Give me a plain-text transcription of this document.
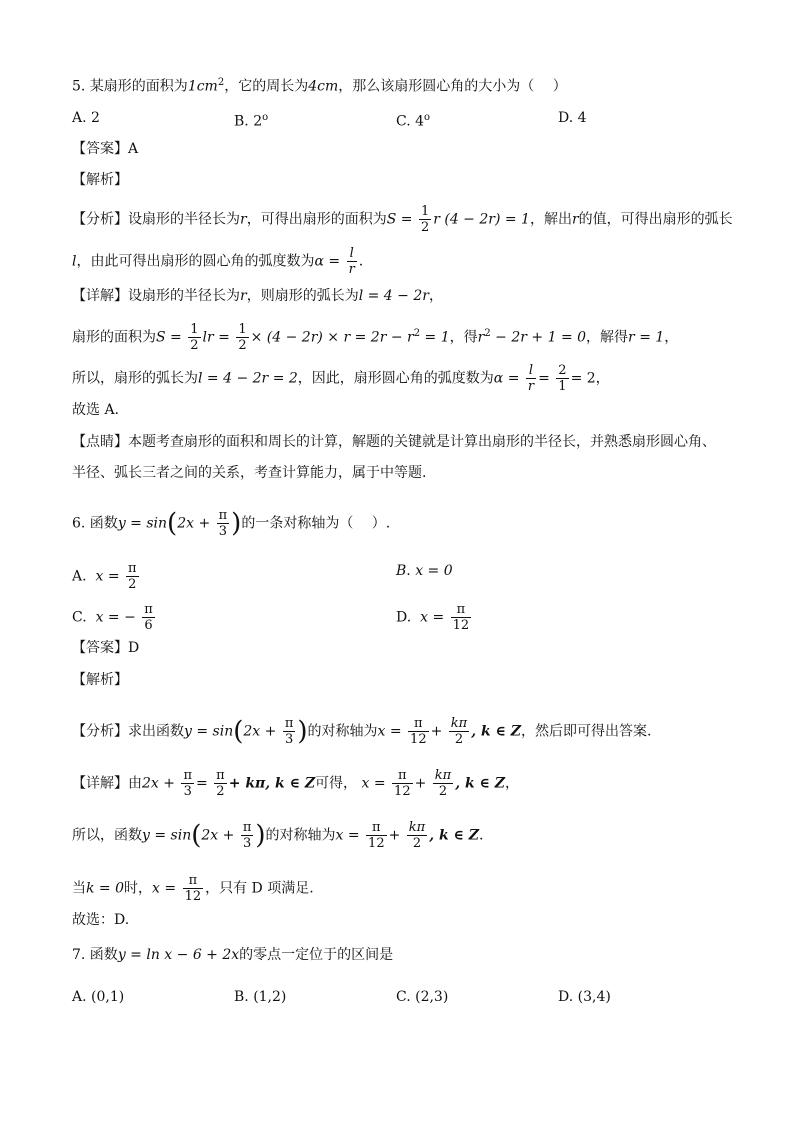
5. 某扇形的面积为$1cm^2$，它的周长为4cm，那么该扇形圆心角的大小为（　 ）
A. 2	B. 2$^o$	C. 4$^o$	D. 4
【答案】A
【解析】
【分析】设扇形的半径长为r，可得出扇形的面积为$S = \frac{1}{2}$ r (4 − 2r) = 1，解出r的值，可得出扇形的弧长
l，由此可得出扇形的圆心角的弧度数为$\alpha = \frac{l}{r}$ .
【详解】设扇形的半径长为r，则扇形的弧长为l = 4 − 2r，
扇形的面积为$S = \frac{1}{2}$ lr = $\frac{1}{2} \times (4 - 2r) \times r = 2r - r^2 = 1$，得$r^2 - 2r + 1 = 0$，解得r = 1，
所以，扇形的弧长为l = 4 − 2r = 2，因此，扇形圆心角的弧度数为$\alpha = \frac{l}{r} = \frac{2}{1} = 2$，
故选 A.
【点睛】本题考查扇形的面积和周长的计算，解题的关键就是计算出扇形的半径长，并熟悉扇形圆心角、
半径、弧长三者之间的关系，考查计算能力，属于中等题.
6. 函数$y = \sin(2x + \frac{\pi}{3}$ )的一条对称轴为（　 ）.
A. $x = \frac{\pi}{2}$	B. x = 0
C. x = − $\frac{\pi}{6}$	D. $x = \frac{\pi}{12}$
【答案】D
【解析】
【分析】求出函数$y = \sin(2x + \frac{\pi}{3}$ )的对称轴为$x = \frac{\pi}{12} + \frac{k\pi}{2}$ , k ∈ Z，然后即可得出答案.
【详解】由$2x + \frac{\pi}{3} = \frac{\pi}{2} + k\pi$, k ∈ Z可得， $x = \frac{\pi}{12} + \frac{k\pi}{2}$ , k ∈ Z，
所以，函数$y = \sin(2x + \frac{\pi}{3}$ )的对称轴为$x = \frac{\pi}{12} + \frac{k\pi}{2}$ , k ∈ Z.
当k = 0时，$x = \frac{\pi}{12}$ ，只有 D 项满足.
故选：D.
7. 函数y = ln x − 6 + 2x的零点一定位于的区间是
A. (0,1)	B. (1,2)	C. (2,3)	D. (3,4)
